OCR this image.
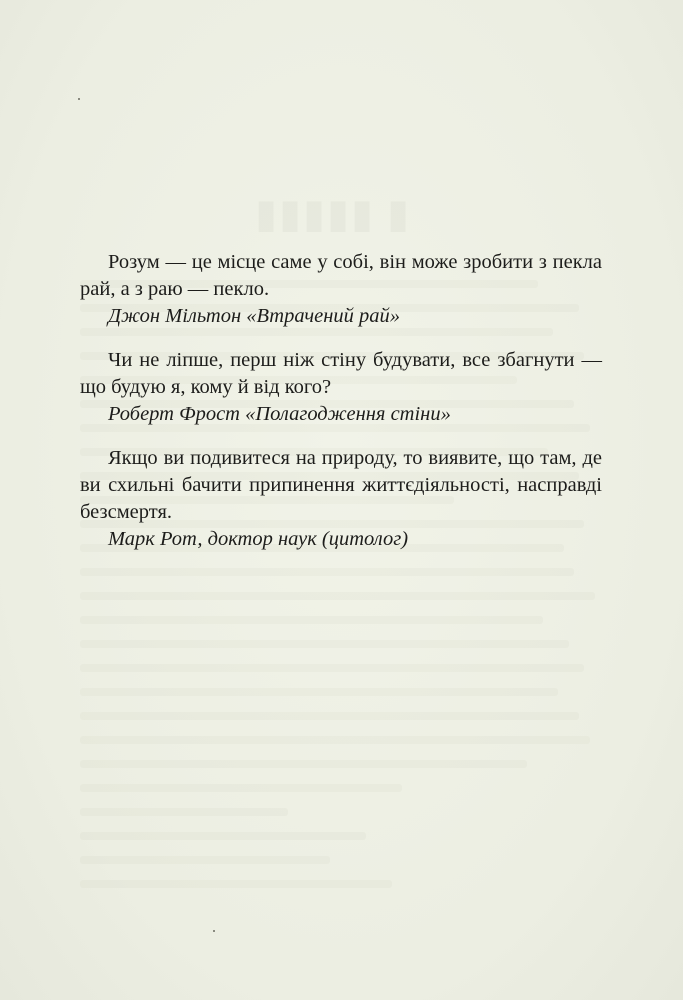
Розум — це місце саме у собі, він може зробити з пекла рай, а з раю — пекло.

Джон Мільтон «Втрачений рай»

Чи не ліпше, перш ніж стіну будувати, все збагнути — що будую я, кому й від кого?

Роберт Фрост «Полагодження стіни»

Якщо ви подивитеся на природу, то виявите, що там, де ви схильні бачити припинення життєдіяльності, насправді безсмертя.

Марк Рот, доктор наук (цитолог)
